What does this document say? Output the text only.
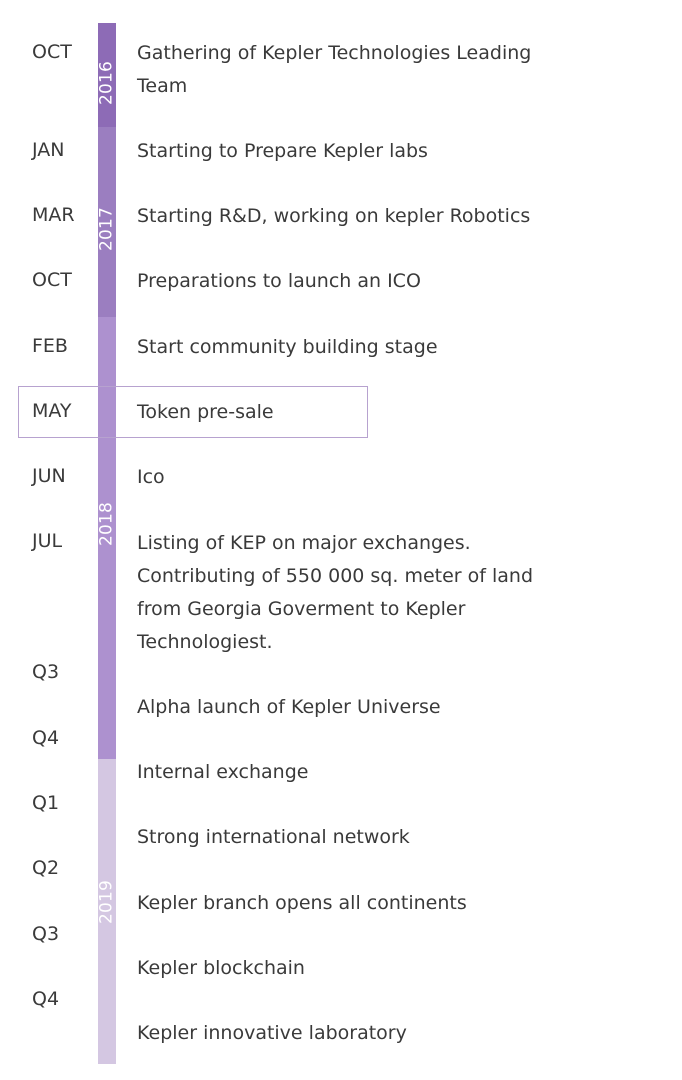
2016
2017
2018
2019
OCT
JAN
MAR
OCT
FEB
MAY
JUN
JUL
Q3
Q4
Q1
Q2
Q3
Q4
Gathering of Kepler Technologies Leading Team
Starting to Prepare Kepler labs
Starting R&D, working on kepler Robotics
Preparations to launch an ICO
Start community building stage
Token pre-sale
Ico
Listing of KEP on major exchanges. Contributing of 550 000 sq. meter of land from Georgia Goverment to Kepler Technologiest.
Alpha launch of Kepler Universe
Internal exchange
Strong international network
Kepler branch opens all continents
Kepler blockchain
Kepler innovative laboratory
